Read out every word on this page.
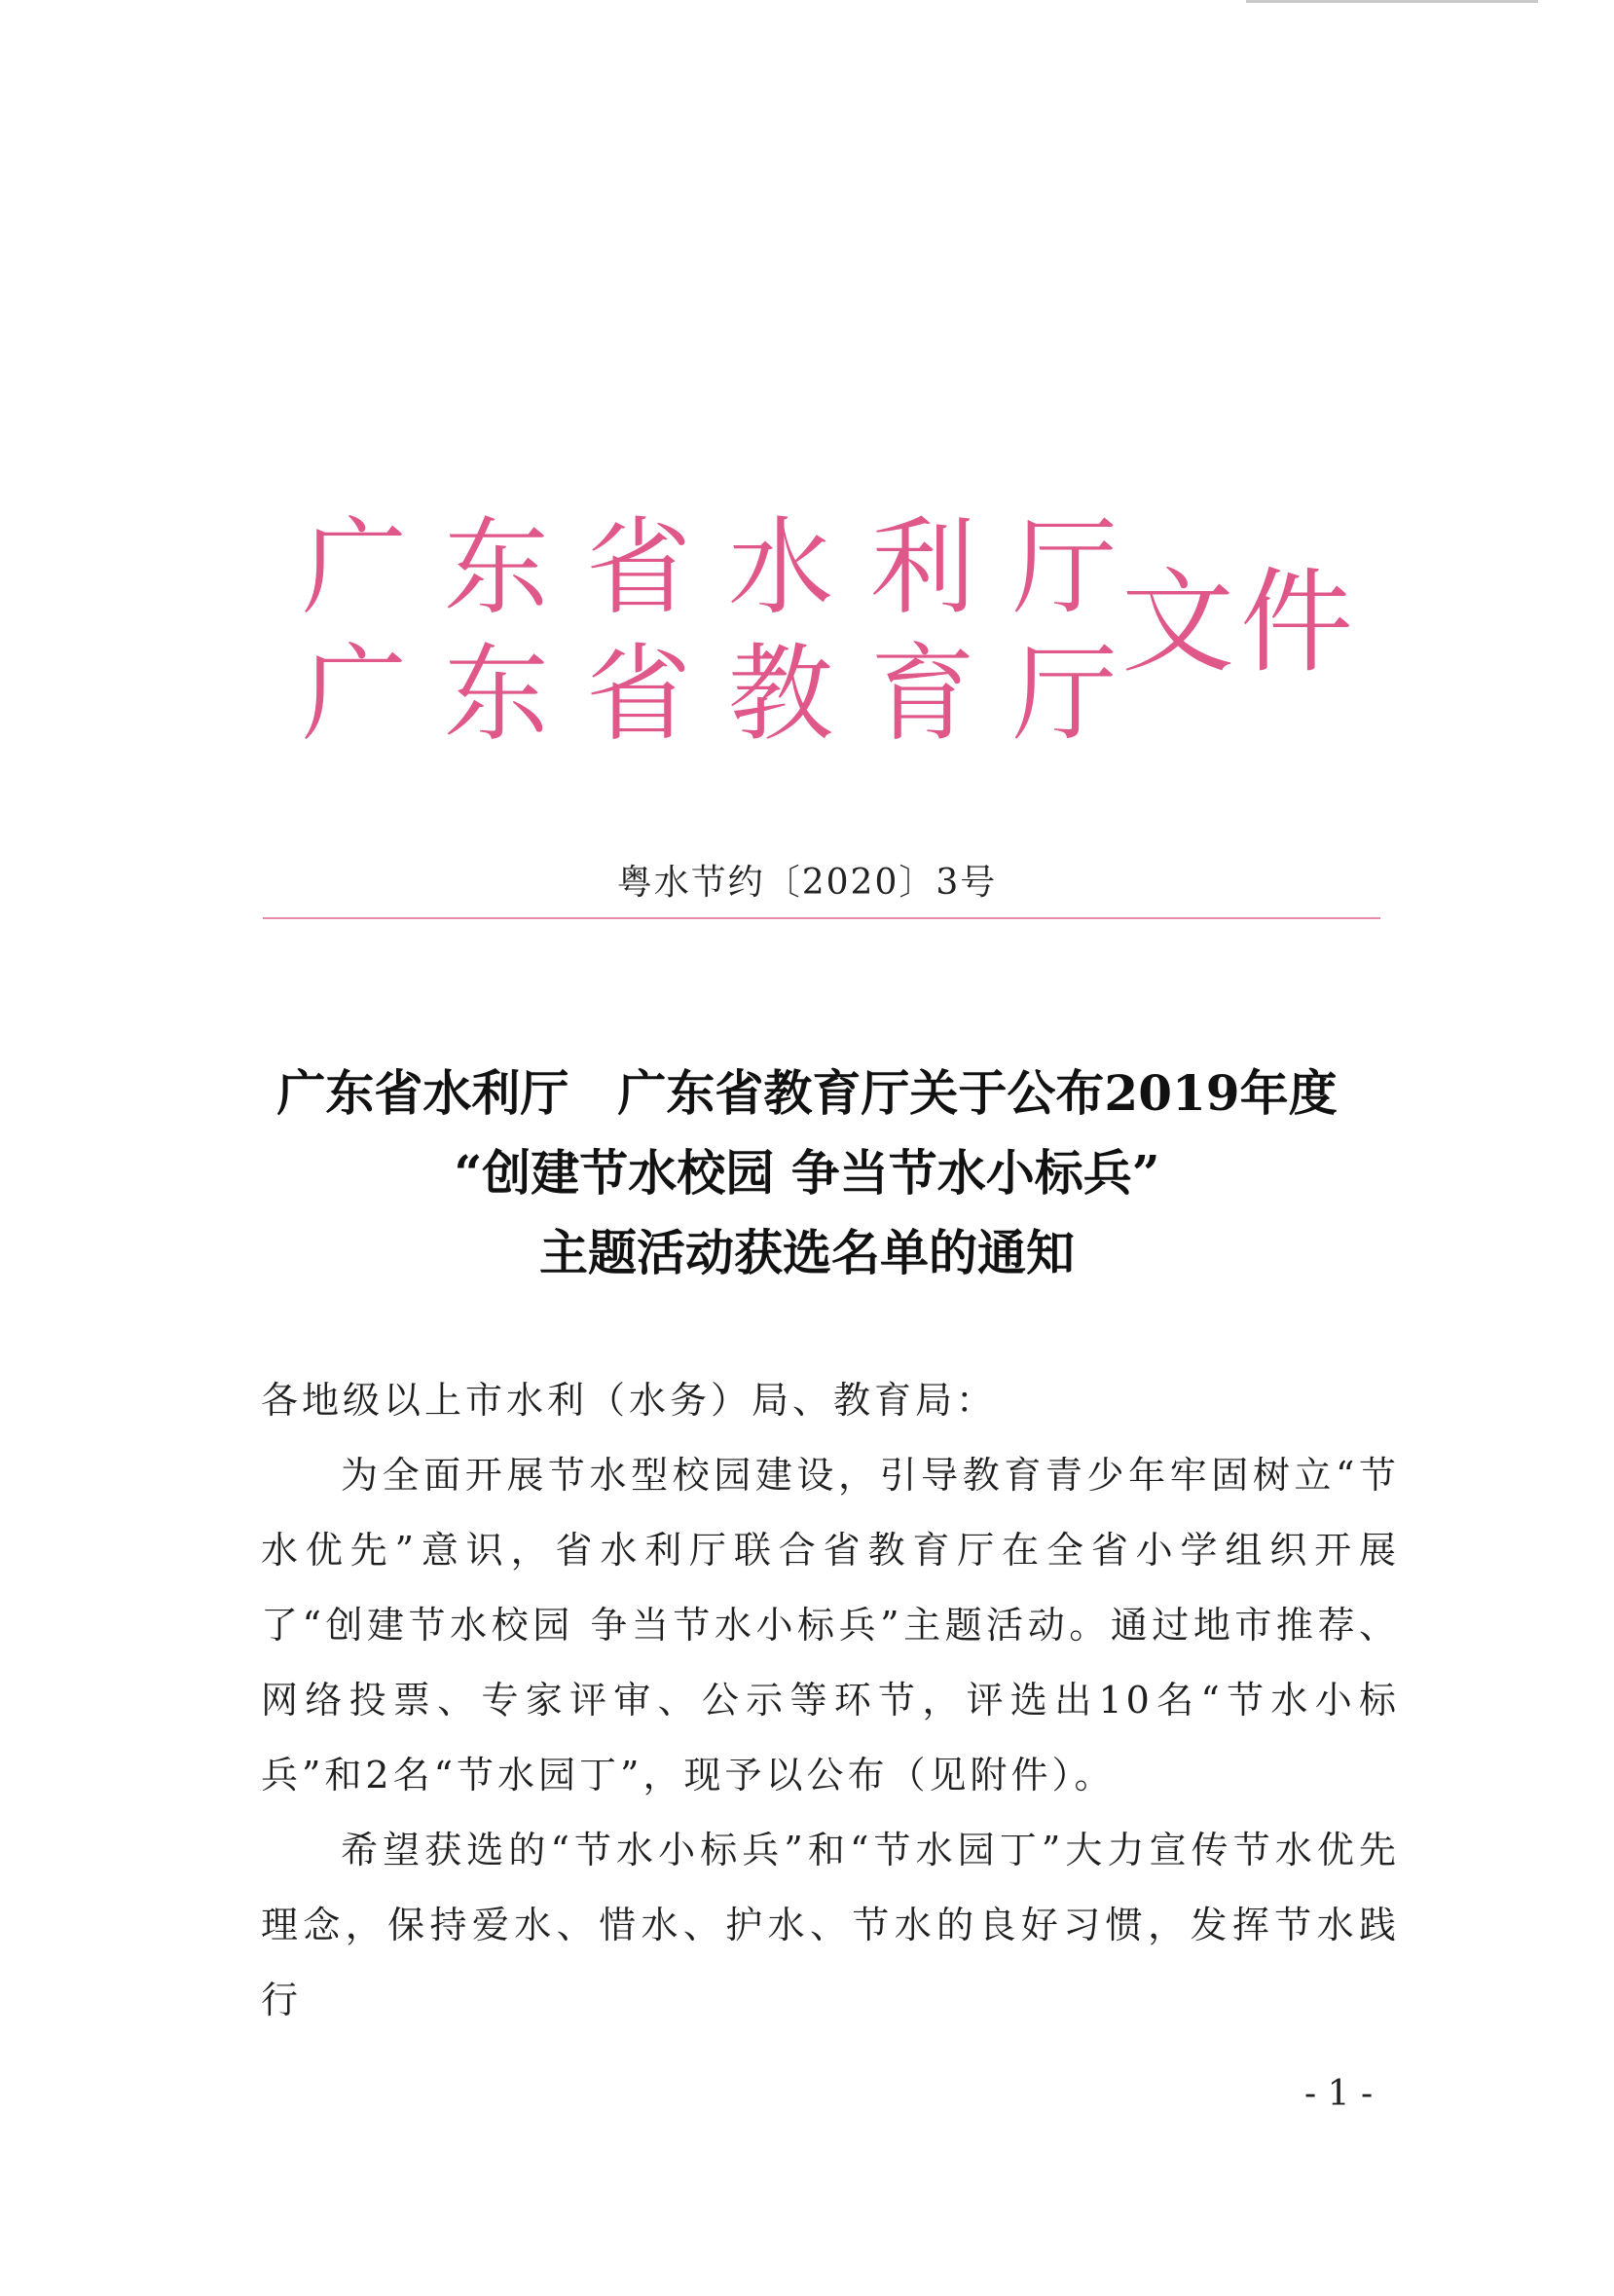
广东省水利厅
广东省教育厅
文件
粤水节约〔2020〕3号
广东省水利厅　广东省教育厅关于公布2019年度
“创建节水校园 争当节水小标兵”
主题活动获选名单的通知

各地级以上市水利（水务）局、教育局：

为全面开展节水型校园建设，引导教育青少年牢固树立“节水优先”意识，省水利厅联合省教育厅在全省小学组织开展了“创建节水校园 争当节水小标兵”主题活动。通过地市推荐、网络投票、专家评审、公示等环节，评选出10名“节水小标兵”和2名“节水园丁”，现予以公布（见附件）。

希望获选的“节水小标兵”和“节水园丁”大力宣传节水优先理念，保持爱水、惜水、护水、节水的良好习惯，发挥节水践行

- 1 -
